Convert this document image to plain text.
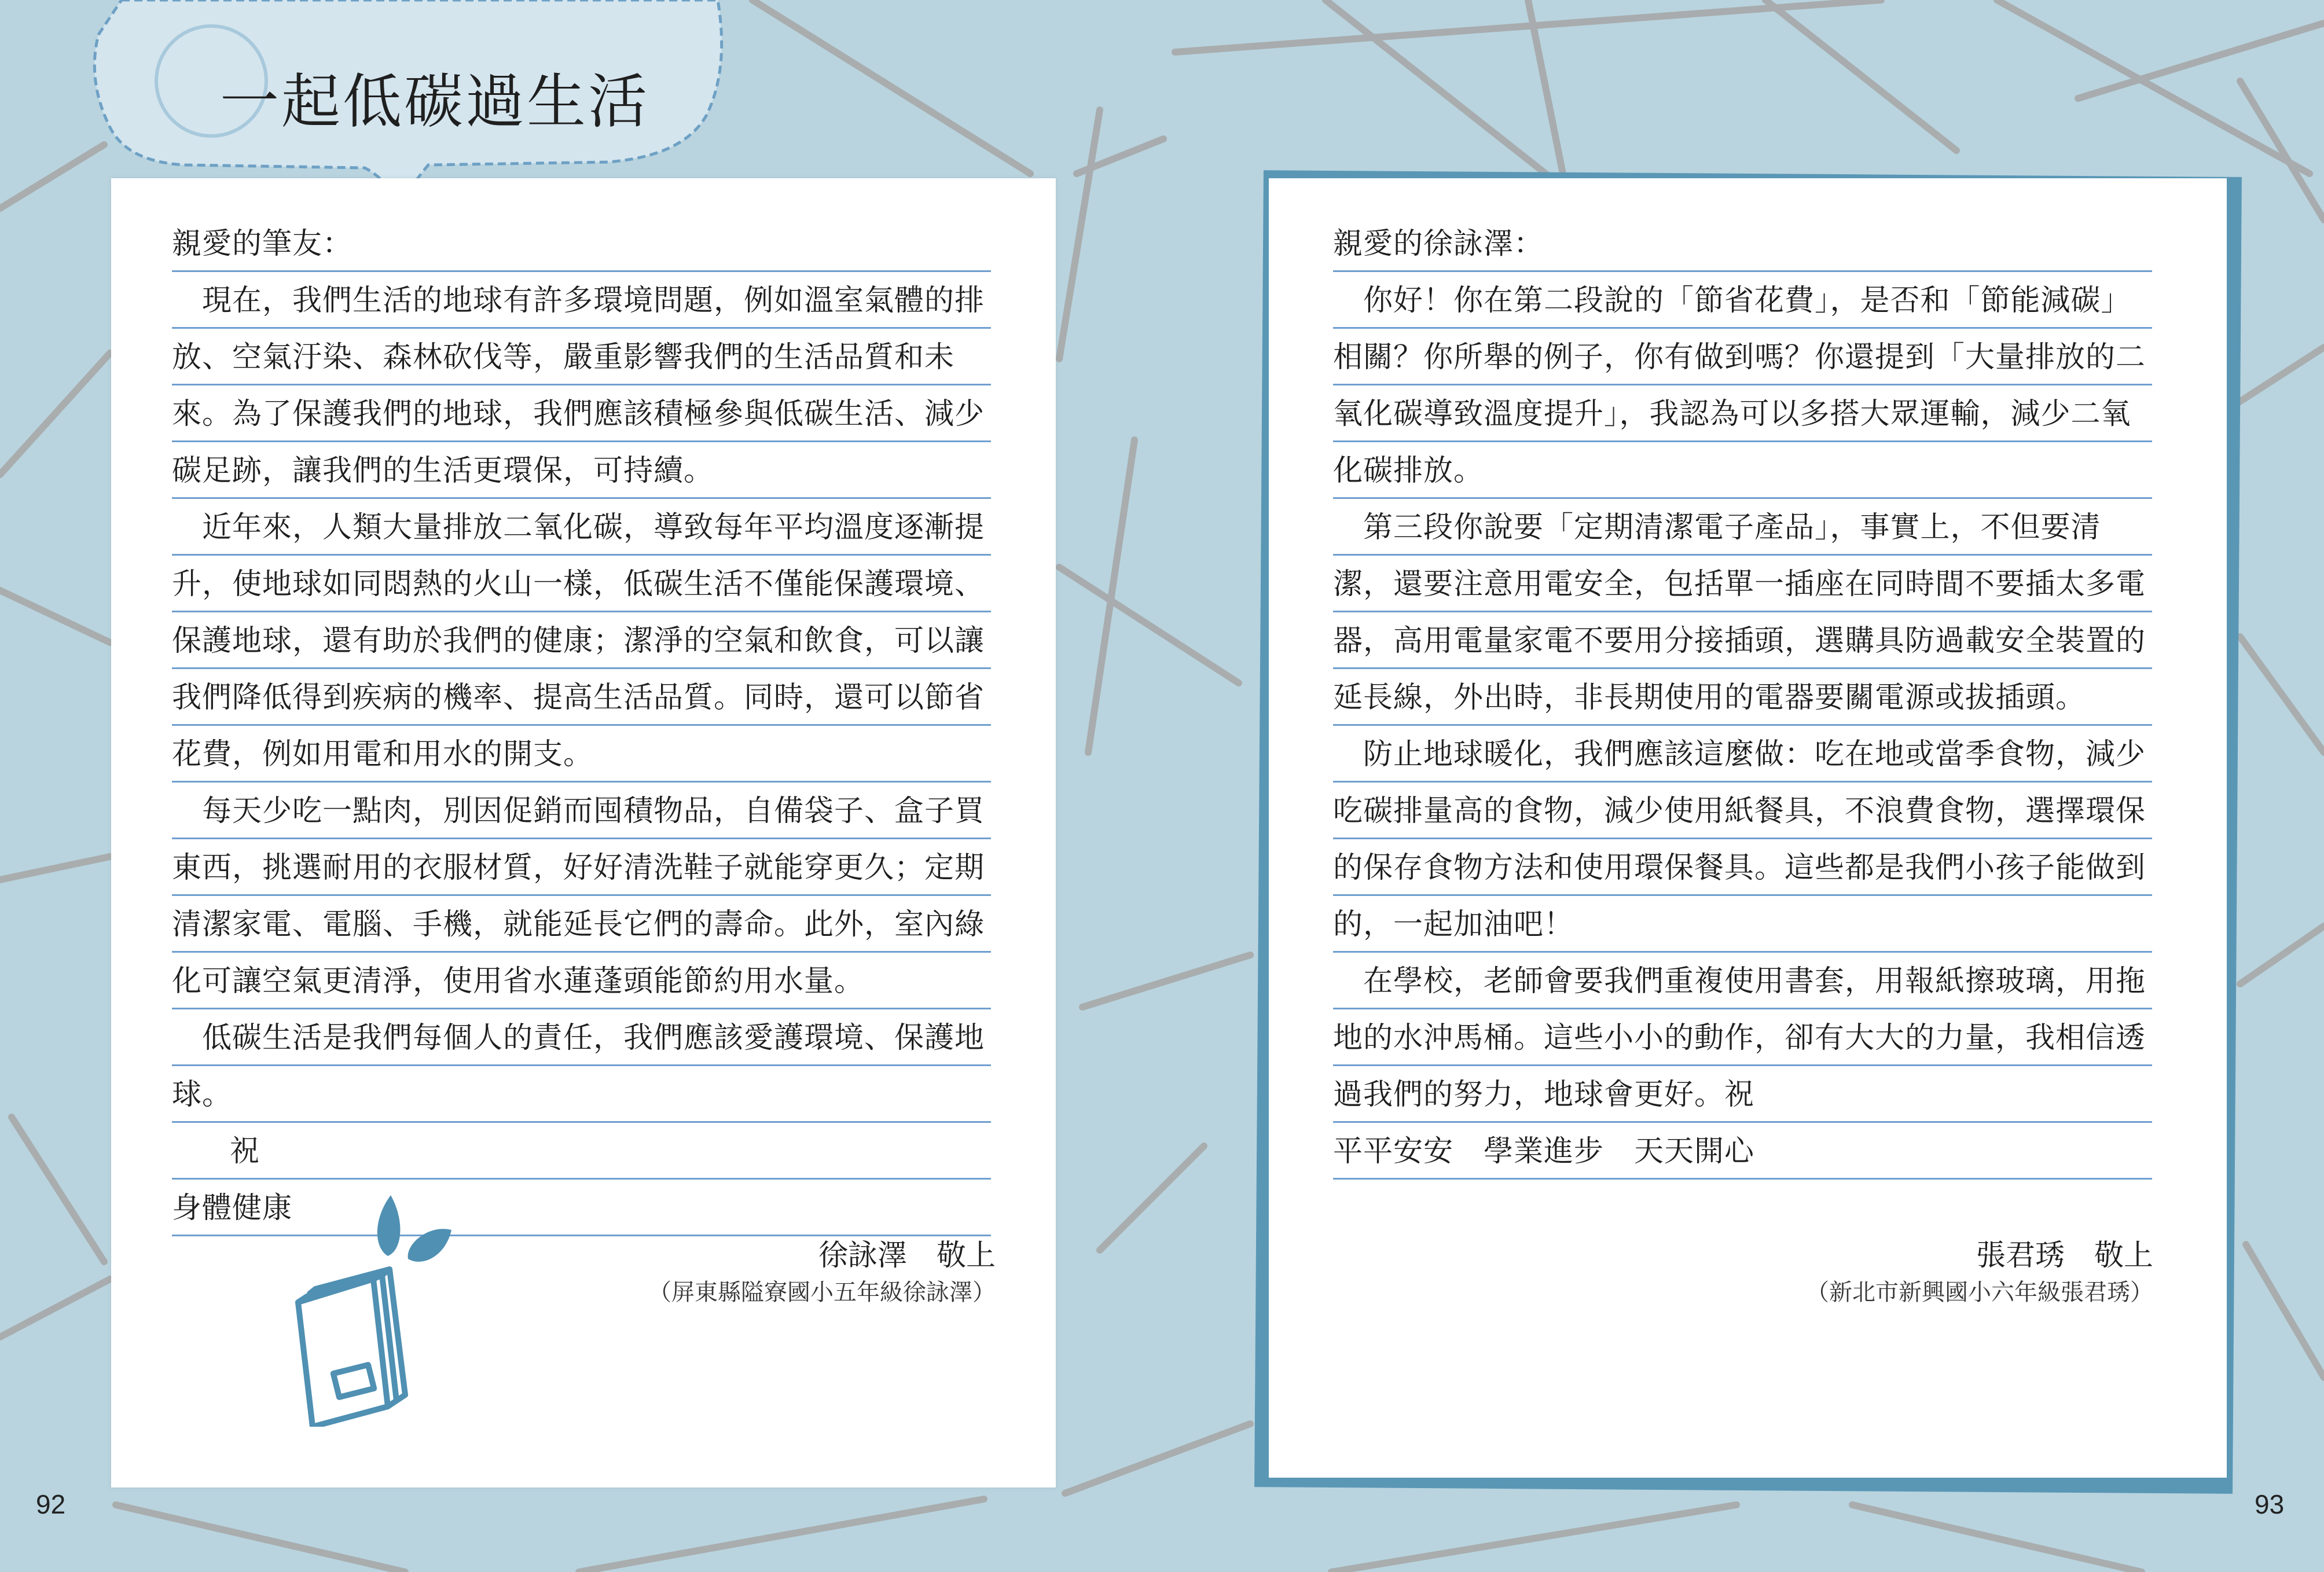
一起低碳過生活

親愛的筆友：

現在，我們生活的地球有許多環境問題，例如溫室氣體的排放、空氣汙染、森林砍伐等，嚴重影響我們的生活品質和未來。為了保護我們的地球，我們應該積極參與低碳生活、減少碳足跡，讓我們的生活更環保，可持續。

近年來，人類大量排放二氧化碳，導致每年平均溫度逐漸提升，使地球如同悶熱的火山一樣，低碳生活不僅能保護環境、保護地球，還有助於我們的健康；潔淨的空氣和飲食，可以讓我們降低得到疾病的機率、提高生活品質。同時，還可以節省花費，例如用電和用水的開支。

每天少吃一點肉，別因促銷而囤積物品，自備袋子、盒子買東西，挑選耐用的衣服材質，好好清洗鞋子就能穿更久；定期清潔家電、電腦、手機，就能延長它們的壽命。此外，室內綠化可讓空氣更清淨，使用省水蓮蓬頭能節約用水量。

低碳生活是我們每個人的責任，我們應該愛護環境、保護地球。

祝

身體健康

徐詠澤　敬上
（屏東縣隘寮國小五年級徐詠澤）

親愛的徐詠澤：

你好！你在第二段說的「節省花費」，是否和「節能減碳」相關？你所舉的例子，你有做到嗎？你還提到「大量排放的二氧化碳導致溫度提升」，我認為可以多搭大眾運輸，減少二氧化碳排放。

第三段你說要「定期清潔電子產品」，事實上，不但要清潔，還要注意用電安全，包括單一插座在同時間不要插太多電器，高用電量家電不要用分接插頭，選購具防過載安全裝置的延長線，外出時，非長期使用的電器要關電源或拔插頭。

防止地球暖化，我們應該這麼做：吃在地或當季食物，減少吃碳排量高的食物，減少使用紙餐具，不浪費食物，選擇環保的保存食物方法和使用環保餐具。這些都是我們小孩子能做到的，一起加油吧！

在學校，老師會要我們重複使用書套，用報紙擦玻璃，用拖地的水沖馬桶。這些小小的動作，卻有大大的力量，我相信透過我們的努力，地球會更好。祝

平平安安　學業進步　天天開心

張君琇　敬上
（新北市新興國小六年級張君琇）
92	93
